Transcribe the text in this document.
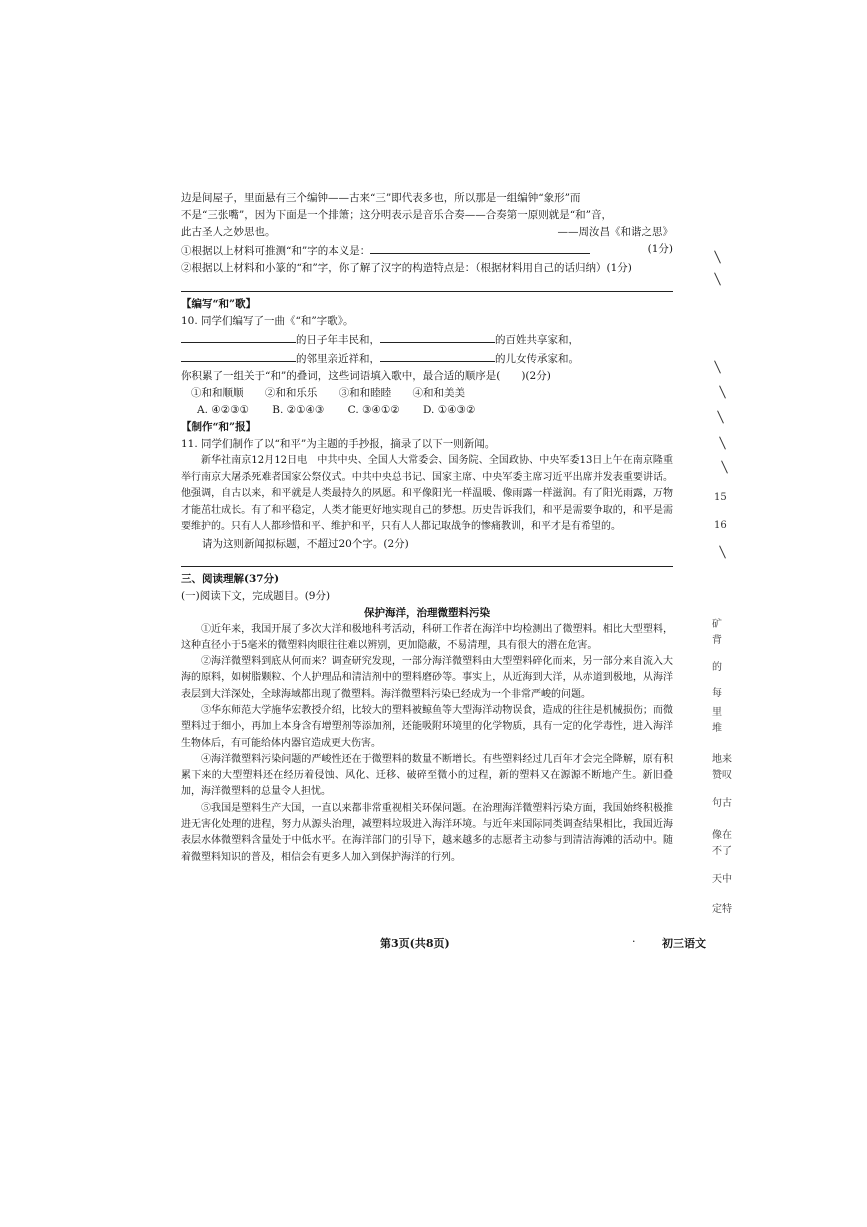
边是间屋子，里面悬有三个编钟——古来“三”即代表多也，所以那是一组编钟“象形”而

不是“三张嘴”，因为下面是一个排箫；这分明表示是音乐合奏——合奏第一原则就是“和”音，

此古圣人之妙思也。	——周汝昌《和谐之思》

①根据以上材料可推测“和”字的本义是：	(1分)

②根据以上材料和小篆的“和”字，你了解了汉字的构造特点是：（根据材料用自己的话归纳）(1分)

【编写“和”歌】

10. 同学们编写了一曲《“和”字歌》。

的日子年丰民和，	的百姓共享家和，

的邻里亲近祥和，	的儿女传承家和。

你积累了一组关于“和”的叠词，这些词语填入歌中，最合适的顺序是(　　)(2分)

①和和顺顺 ②和和乐乐 ③和和睦睦 ④和和美美

A. ④②③① B. ②①④③ C. ③④①② D. ①④③②

【制作“和”报】

11. 同学们制作了以“和平”为主题的手抄报，摘录了以下一则新闻。

新华社南京12月12日电　中共中央、全国人大常委会、国务院、全国政协、中央军委13日上午在南京隆重举行南京大屠杀死难者国家公祭仪式。中共中央总书记、国家主席、中央军委主席习近平出席并发表重要讲话。他强调，自古以来，和平就是人类最持久的夙愿。和平像阳光一样温暖、像雨露一样滋润。有了阳光雨露，万物才能茁壮成长。有了和平稳定，人类才能更好地实现自己的梦想。历史告诉我们，和平是需要争取的，和平是需要维护的。只有人人都珍惜和平、维护和平，只有人人都记取战争的惨痛教训，和平才是有希望的。

请为这则新闻拟标题，不超过20个字。(2分)

三、阅读理解(37分)

(一)阅读下文，完成题目。(9分)

保护海洋，治理微塑料污染

①近年来，我国开展了多次大洋和极地科考活动，科研工作者在海洋中均检测出了微塑料。相比大型塑料，这种直径小于5毫米的微塑料肉眼往往难以辨别，更加隐蔽，不易清理，具有很大的潜在危害。

②海洋微塑料到底从何而来？调查研究发现，一部分海洋微塑料由大型塑料碎化而来，另一部分来自流入大海的原料，如树脂颗粒、个人护理品和清洁剂中的塑料磨砂等。事实上，从近海到大洋，从赤道到极地，从海洋表层到大洋深处，全球海域都出现了微塑料。海洋微塑料污染已经成为一个非常严峻的问题。

③华东师范大学施华宏教授介绍，比较大的塑料被鲸鱼等大型海洋动物误食，造成的往往是机械损伤；而微塑料过于细小，再加上本身含有增塑剂等添加剂，还能吸附环境里的化学物质，具有一定的化学毒性，进入海洋生物体后，有可能给体内器官造成更大伤害。

④海洋微塑料污染问题的严峻性还在于微塑料的数量不断增长。有些塑料经过几百年才会完全降解，原有积累下来的大型塑料还在经历着侵蚀、风化、迁移、破碎至微小的过程，新的塑料又在源源不断地产生。新旧叠加，海洋微塑料的总量令人担忧。

⑤我国是塑料生产大国，一直以来都非常重视相关环保问题。在治理海洋微塑料污染方面，我国始终积极推进无害化处理的进程，努力从源头治理，减塑料垃圾进入海洋环境。与近年来国际同类调查结果相比，我国近海表层水体微塑料含量处于中低水平。在海洋部门的引导下，越来越多的志愿者主动参与到清洁海滩的活动中。随着微塑料知识的普及，相信会有更多人加入到保护海洋的行列。

第3页(共8页)	· 初三语文
15
16
矿
背
的
每
里
堆
地来
赞叹
句古
像在
不了
天中
定特
